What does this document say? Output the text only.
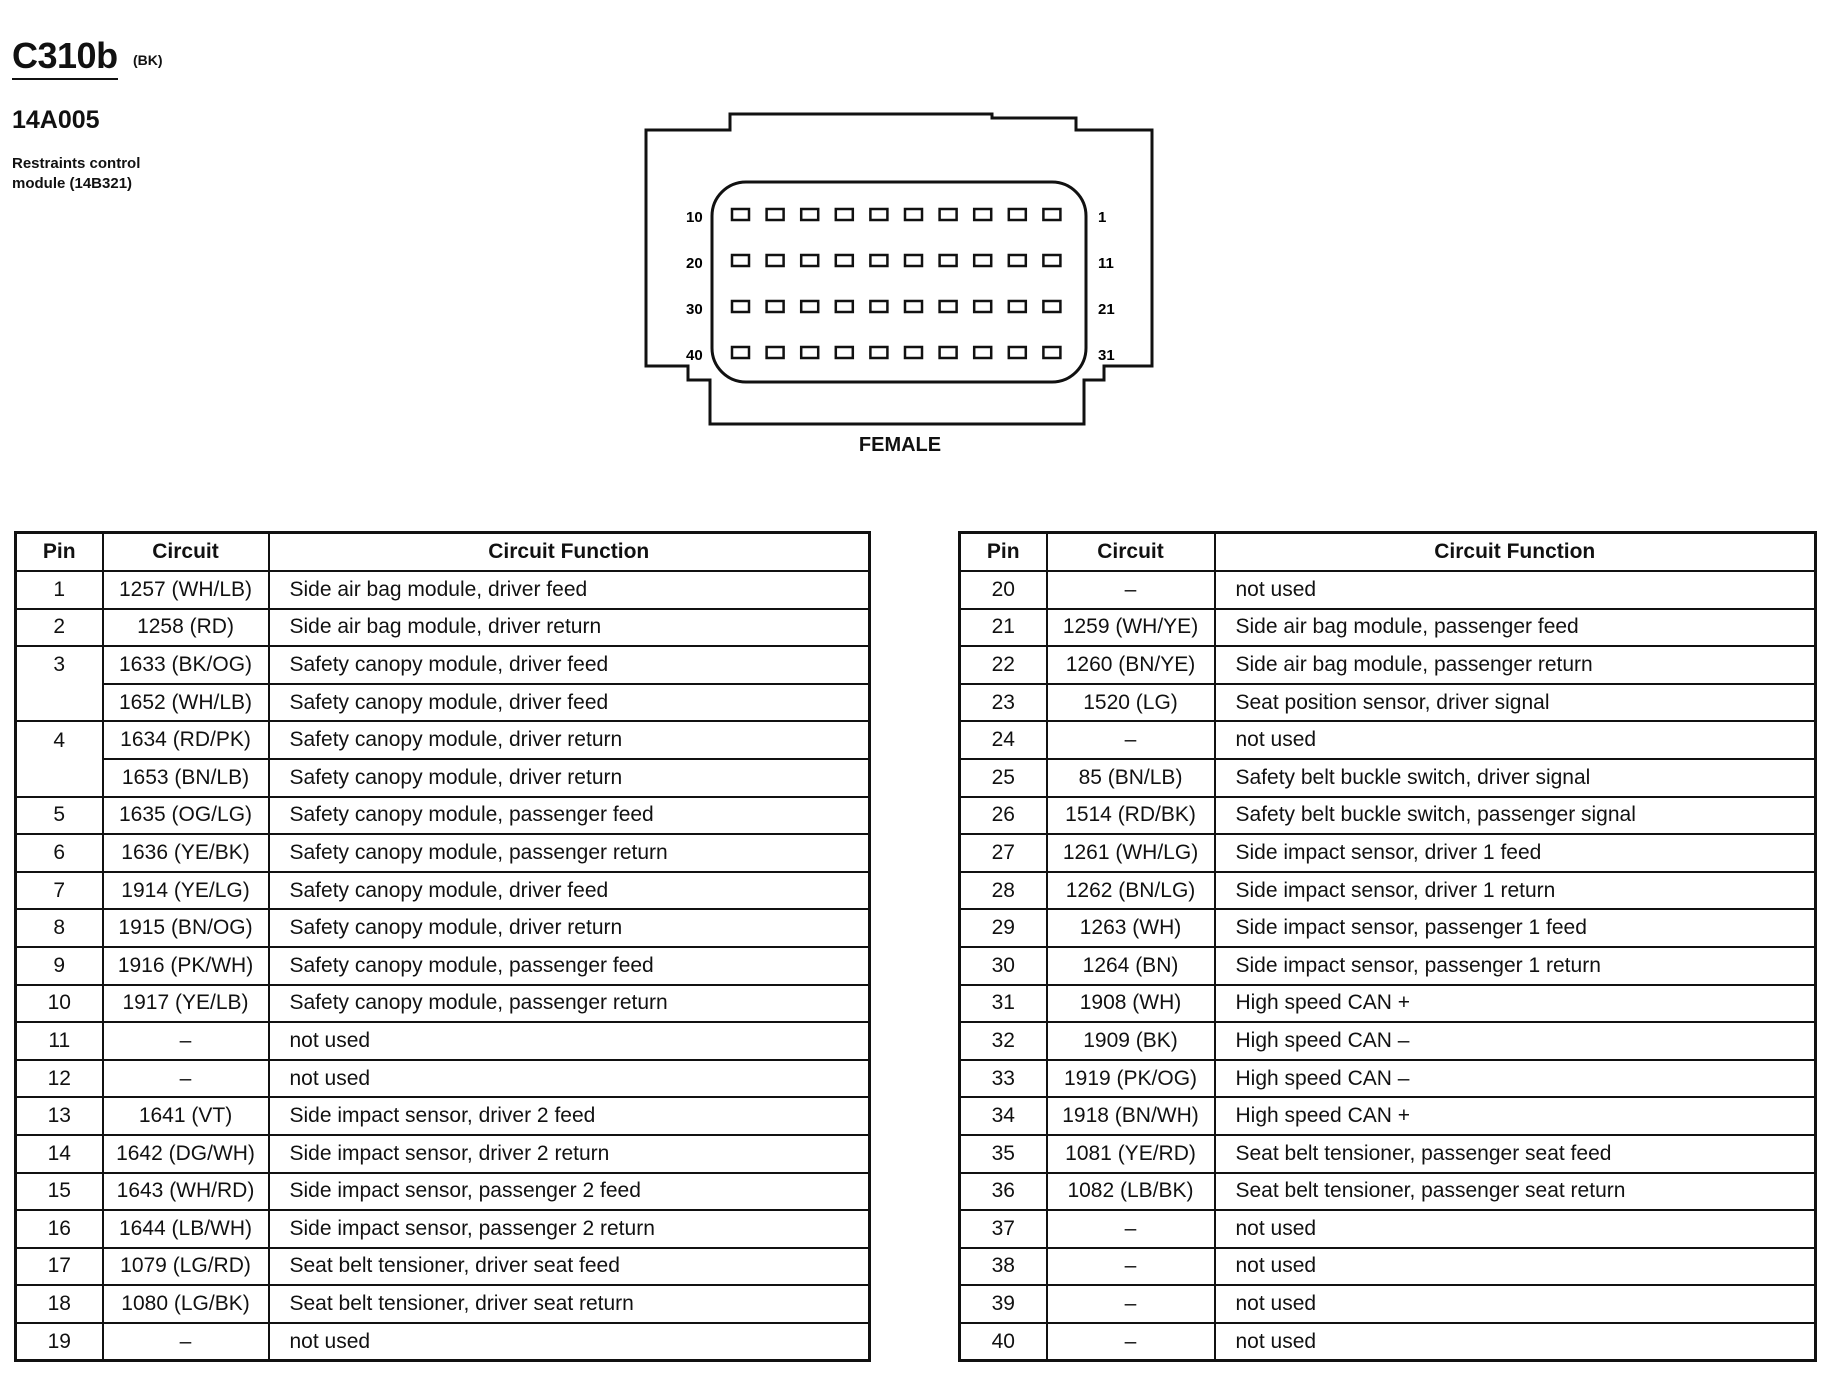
C310b (BK)
14A005
Restraints control
module (14B321)
10
20
30
40
1
11
21
31
FEMALE
Pin	Circuit	Circuit Function
1	1257 (WH/LB)	Side air bag module, driver feed
2	1258 (RD)	Side air bag module, driver return
3	1633 (BK/OG)	Safety canopy module, driver feed
	1652 (WH/LB)	Safety canopy module, driver feed
4	1634 (RD/PK)	Safety canopy module, driver return
	1653 (BN/LB)	Safety canopy module, driver return
5	1635 (OG/LG)	Safety canopy module, passenger feed
6	1636 (YE/BK)	Safety canopy module, passenger return
7	1914 (YE/LG)	Safety canopy module, driver feed
8	1915 (BN/OG)	Safety canopy module, driver return
9	1916 (PK/WH)	Safety canopy module, passenger feed
10	1917 (YE/LB)	Safety canopy module, passenger return
11	–	not used
12	–	not used
13	1641 (VT)	Side impact sensor, driver 2 feed
14	1642 (DG/WH)	Side impact sensor, driver 2 return
15	1643 (WH/RD)	Side impact sensor, passenger 2 feed
16	1644 (LB/WH)	Side impact sensor, passenger 2 return
17	1079 (LG/RD)	Seat belt tensioner, driver seat feed
18	1080 (LG/BK)	Seat belt tensioner, driver seat return
19	–	not used
Pin	Circuit	Circuit Function
20	–	not used
21	1259 (WH/YE)	Side air bag module, passenger feed
22	1260 (BN/YE)	Side air bag module, passenger return
23	1520 (LG)	Seat position sensor, driver signal
24	–	not used
25	85 (BN/LB)	Safety belt buckle switch, driver signal
26	1514 (RD/BK)	Safety belt buckle switch, passenger signal
27	1261 (WH/LG)	Side impact sensor, driver 1 feed
28	1262 (BN/LG)	Side impact sensor, driver 1 return
29	1263 (WH)	Side impact sensor, passenger 1 feed
30	1264 (BN)	Side impact sensor, passenger 1 return
31	1908 (WH)	High speed CAN +
32	1909 (BK)	High speed CAN –
33	1919 (PK/OG)	High speed CAN –
34	1918 (BN/WH)	High speed CAN +
35	1081 (YE/RD)	Seat belt tensioner, passenger seat feed
36	1082 (LB/BK)	Seat belt tensioner, passenger seat return
37	–	not used
38	–	not used
39	–	not used
40	–	not used
